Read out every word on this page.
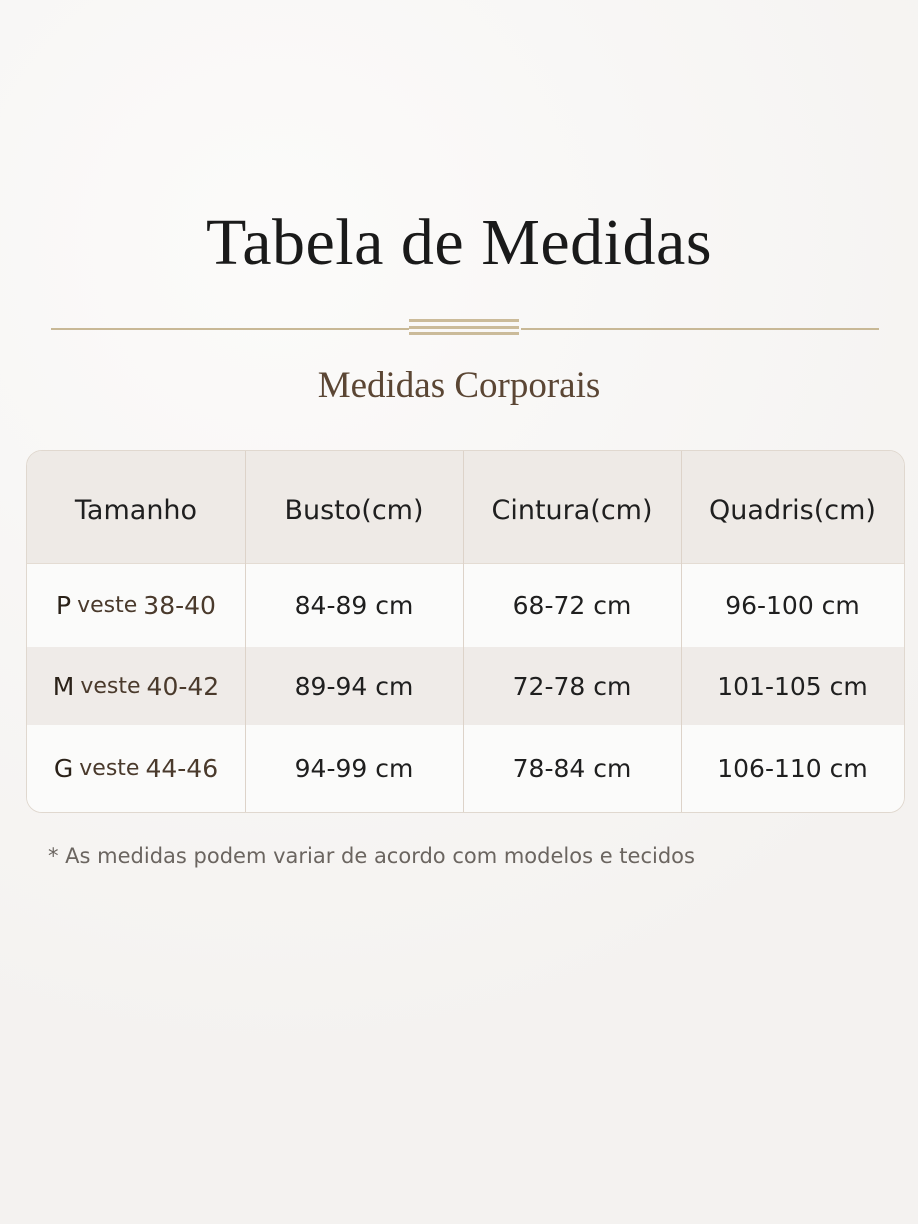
Tabela de Medidas
Medidas Corporais
Tamanho	Busto(cm)	Cintura(cm)	Quadris(cm)
P veste 38-40	84-89 cm	68-72 cm	96-100 cm
M veste 40-42	89-94 cm	72-78 cm	101-105 cm
G veste 44-46	94-99 cm	78-84 cm	106-110 cm
* As medidas podem variar de acordo com modelos e tecidos
